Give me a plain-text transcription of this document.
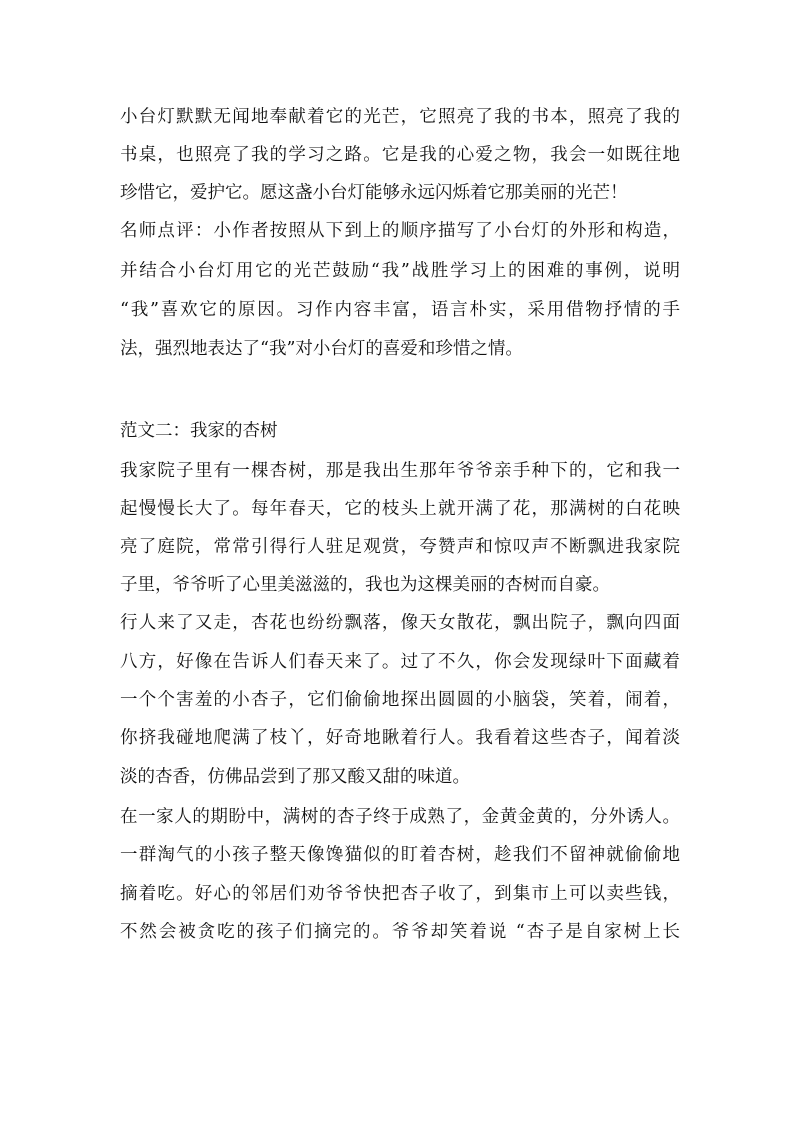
小台灯默默无闻地奉献着它的光芒，它照亮了我的书本，照亮了我的
书桌，也照亮了我的学习之路。它是我的心爱之物，我会一如既往地
珍惜它，爱护它。愿这盏小台灯能够永远闪烁着它那美丽的光芒！
名师点评：小作者按照从下到上的顺序描写了小台灯的外形和构造，
并结合小台灯用它的光芒鼓励“我”战胜学习上的困难的事例，说明
“我”喜欢它的原因。习作内容丰富，语言朴实，采用借物抒情的手
法，强烈地表达了“我”对小台灯的喜爱和珍惜之情。
范文二：我家的杏树
我家院子里有一棵杏树，那是我出生那年爷爷亲手种下的，它和我一
起慢慢长大了。每年春天，它的枝头上就开满了花，那满树的白花映
亮了庭院，常常引得行人驻足观赏，夸赞声和惊叹声不断飘进我家院
子里，爷爷听了心里美滋滋的，我也为这棵美丽的杏树而自豪。
行人来了又走，杏花也纷纷飘落，像天女散花，飘出院子，飘向四面
八方，好像在告诉人们春天来了。过了不久，你会发现绿叶下面藏着
一个个害羞的小杏子，它们偷偷地探出圆圆的小脑袋，笑着，闹着，
你挤我碰地爬满了枝丫，好奇地瞅着行人。我看着这些杏子，闻着淡
淡的杏香，仿佛品尝到了那又酸又甜的味道。
在一家人的期盼中，满树的杏子终于成熟了，金黄金黄的，分外诱人。
一群淘气的小孩子整天像馋猫似的盯着杏树，趁我们不留神就偷偷地
摘着吃。好心的邻居们劝爷爷快把杏子收了，到集市上可以卖些钱，
不然会被贪吃的孩子们摘完的。爷爷却笑着说 “杏子是自家树上长
